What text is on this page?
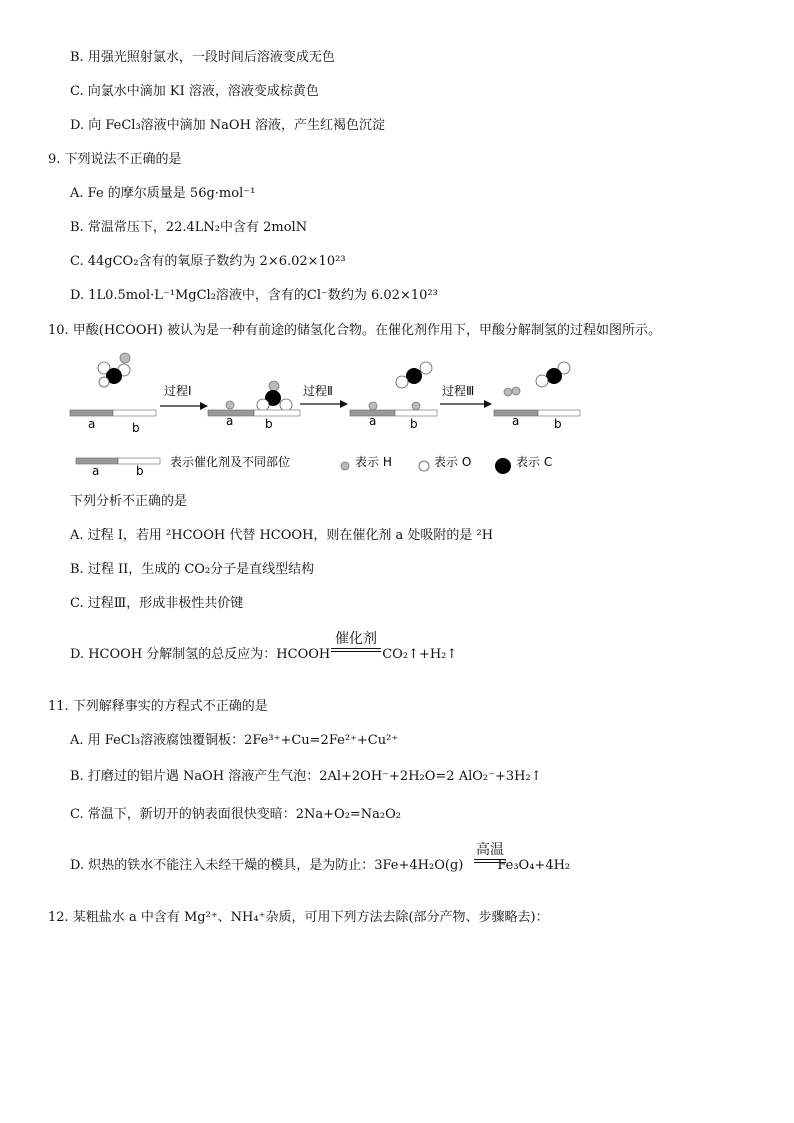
B. 用强光照射氯水，一段时间后溶液变成无色
C. 向氯水中滴加 KI 溶液，溶液变成棕黄色
D. 向 FeCl₃溶液中滴加 NaOH 溶液，产生红褐色沉淀
9. 下列说法不正确的是
A. Fe 的摩尔质量是 56g·mol⁻¹
B. 常温常压下，22.4LN₂中含有 2molN
C. 44gCO₂含有的氧原子数约为 2×6.02×10²³
D. 1L0.5mol·L⁻¹MgCl₂溶液中，含有的Cl⁻数约为 6.02×10²³
10. 甲酸(HCOOH) 被认为是一种有前途的储氢化合物。在催化剂作用下，甲酸分解制氢的过程如图所示。
a	b
过程Ⅰ
a	b
过程Ⅱ
a	b
过程Ⅲ
a	b
a	b
表示催化剂及不同部位	表示 H	表示 O	表示 C
下列分析不正确的是
A. 过程 I，若用 ²HCOOH 代替 HCOOH，则在催化剂 a 处吸附的是 ²H
B. 过程 II，生成的 CO₂分子是直线型结构
C. 过程Ⅲ，形成非极性共价键
D. HCOOH 分解制氢的总反应为：HCOOH	CO₂↑+H₂↑
催化剂
11. 下列解释事实的方程式不正确的是
A. 用 FeCl₃溶液腐蚀覆铜板：2Fe³⁺+Cu=2Fe²⁺+Cu²⁺
B. 打磨过的铝片遇 NaOH 溶液产生气泡：2Al+2OH⁻+2H₂O=2 AlO₂⁻+3H₂↑
C. 常温下，新切开的钠表面很快变暗：2Na+O₂=Na₂O₂
D. 炽热的铁水不能注入未经干燥的模具，是为防止：3Fe+4H₂O(g)	Fe₃O₄+4H₂
高温
12. 某粗盐水 a 中含有 Mg²⁺、NH₄⁺杂质，可用下列方法去除(部分产物、步骤略去)：
